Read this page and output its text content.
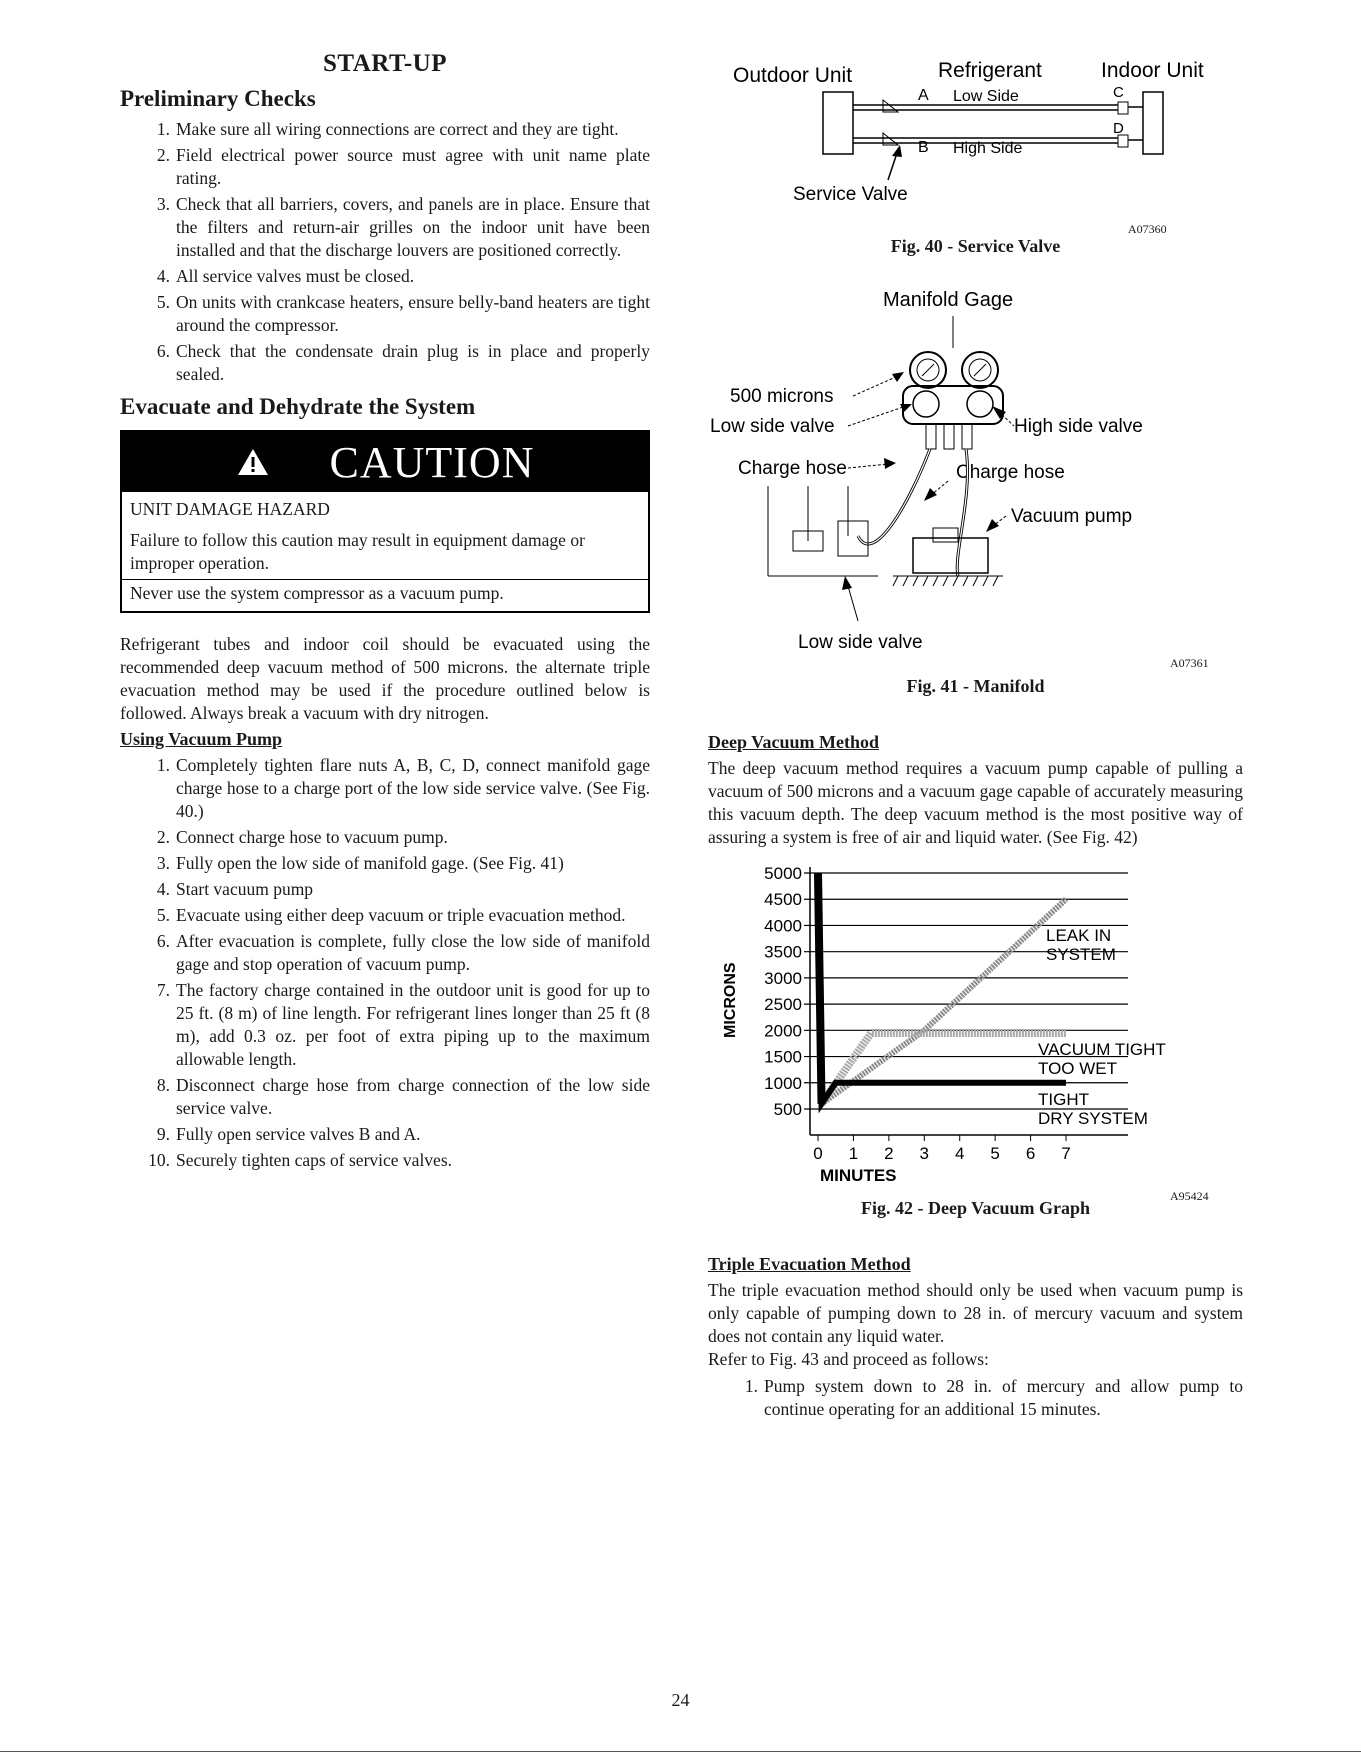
START-UP
Preliminary Checks
1. Make sure all wiring connections are correct and they are tight.
2. Field electrical power source must agree with unit name plate rating.
3. Check that all barriers, covers, and panels are in place. Ensure that the filters and return-air grilles on the indoor unit have been installed and that the discharge louvers are positioned correctly.
4. All service valves must be closed.
5. On units with crankcase heaters, ensure belly-band heaters are tight around the compressor.
6. Check that the condensate drain plug is in place and properly sealed.
Evacuate and Dehydrate the System
CAUTION
UNIT DAMAGE HAZARD
Failure to follow this caution may result in equipment damage or improper operation.
Never use the system compressor as a vacuum pump.

Refrigerant tubes and indoor coil should be evacuated using the recommended deep vacuum method of 500 microns. the alternate triple evacuation method may be used if the procedure outlined below is followed. Always break a vacuum with dry nitrogen.

Using Vacuum Pump
1. Completely tighten flare nuts A, B, C, D, connect manifold gage charge hose to a charge port of the low side service valve. (See Fig. 40.)
2. Connect charge hose to vacuum pump.
3. Fully open the low side of manifold gage. (See Fig. 41)
4. Start vacuum pump
5. Evacuate using either deep vacuum or triple evacuation method.
6. After evacuation is complete, fully close the low side of manifold gage and stop operation of vacuum pump.
7. The factory charge contained in the outdoor unit is good for up to 25 ft. (8 m) of line length. For refrigerant lines longer than 25 ft (8 m), add 0.3 oz. per foot of extra piping up to the maximum allowable length.
8. Disconnect charge hose from charge connection of the low side service valve.
9. Fully open service valves B and A.
10. Securely tighten caps of service valves.
Outdoor Unit	Refrigerant	Indoor Unit
A
B
Low Side
High Side
C
D
Service Valve
A07360
Fig. 40 - Service Valve
Manifold Gage
500 microns
Low side valve	High side valve
Charge hose	Charge hose
Vacuum pump
Low side valve
A07361
Fig. 41 - Manifold
Deep Vacuum Method

The deep vacuum method requires a vacuum pump capable of pulling a vacuum of 500 microns and a vacuum gage capable of accurately measuring this vacuum depth. The deep vacuum method is the most positive way of assuring a system is free of air and liquid water. (See Fig. 42)

5000
4500
4000
3500
3000
2500
2000
1500
1000
500
0 1 2 3 4 5 6 7
LEAK IN
SYSTEM
VACUUM TIGHT
TOO WET
TIGHT
DRY SYSTEM
MICRONS
MINUTES
A95424
Fig. 42 - Deep Vacuum Graph
Triple Evacuation Method

The triple evacuation method should only be used when vacuum pump is only capable of pumping down to 28 in. of mercury vacuum and system does not contain any liquid water.

Refer to Fig. 43 and proceed as follows:

1. Pump system down to 28 in. of mercury and allow pump to continue operating for an additional 15 minutes.
24
